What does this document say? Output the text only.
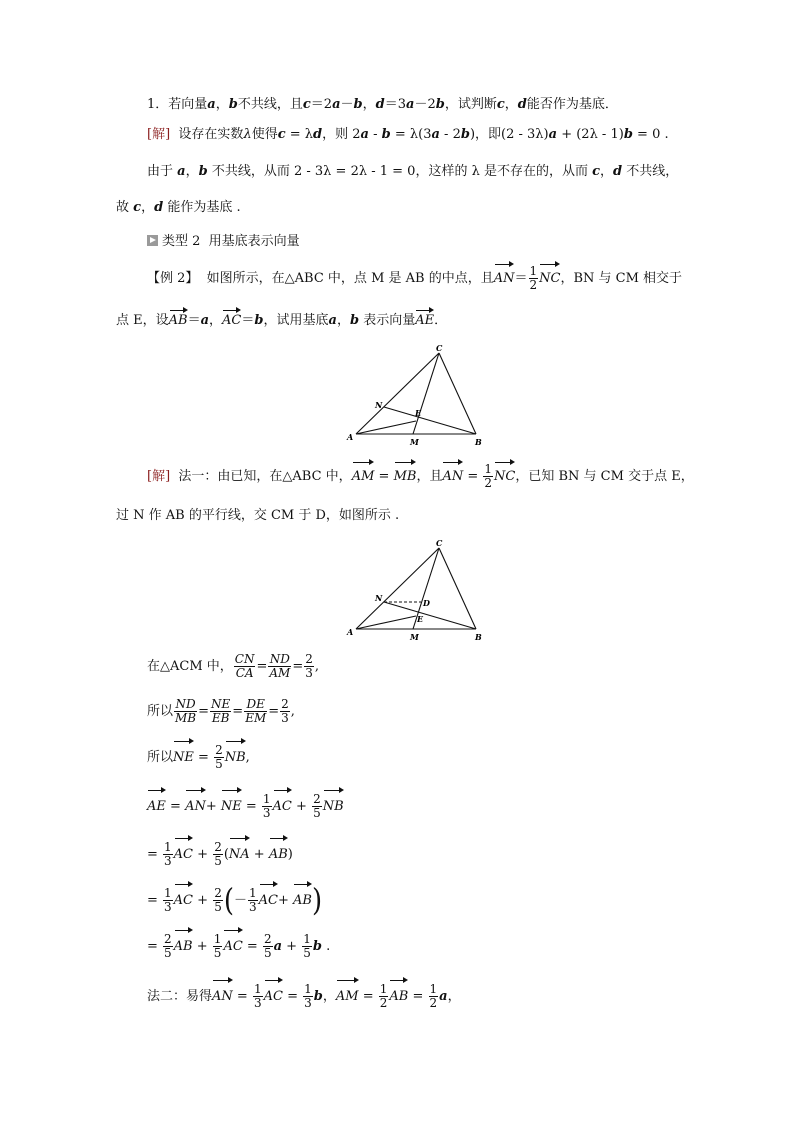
1．若向量a，b不共线，且c＝2a－b，d＝3a－2b，试判断c，d能否作为基底．
[解] 设存在实数λ使得c = λd，则 2a - b = λ(3a - 2b)，即(2 - 3λ)a + (2λ - 1)b = 0 .
由于 a，b 不共线，从而 2 - 3λ = 2λ - 1 = 0，这样的 λ 是不存在的，从而 c，d 不共线，
故 c，d 能作为基底 .
类型 2 用基底表示向量
【例 2】 如图所示，在△ABC 中，点 M 是 AB 的中点，且$AN= \frac{1}{2}$ NC，BN 与 CM 相交于
点 E，设AB＝a，AC＝b，试用基底a，b 表示向量AE．
C
N
E
A	M	B
[解] 法一：由已知，在△ABC 中，AM = MB，且AN = $\frac{1}{2}$ NC，已知 BN 与 CM 交于点 E，
过 N 作 AB 的平行线，交 CM 于 D，如图所示 .
C
N	D
E
A	M	B
在△ACM 中， $\frac{CN}{CA} = \frac{ND}{AM} = \frac{2}{3}$ ,
所以 $\frac{ND}{MB} = \frac{NE}{EB} = \frac{DE}{EM} = \frac{2}{3}$ ,
所以NE = $\frac{2}{5}$ NB,
AE = AN+ NE = $\frac{1}{3}$ AC + $\frac{2}{5}$ NB
= $\frac{1}{3}$ AC + $\frac{2}{5} (NA + AB)$
= $\frac{1}{3}$ AC + $\frac{2}{5}$ (－ $\frac{1}{3} AC+ AB$)
= $\frac{2}{5}$ AB + $\frac{1}{5}$ AC = $\frac{2}{5}$ $a + \frac{1}{5}$ b .
法二：易得AN = $\frac{1}{3}$ AC = $\frac{1}{3}$ b，AM = $\frac{1}{2}$ AB = $\frac{1}{2}$ a，
